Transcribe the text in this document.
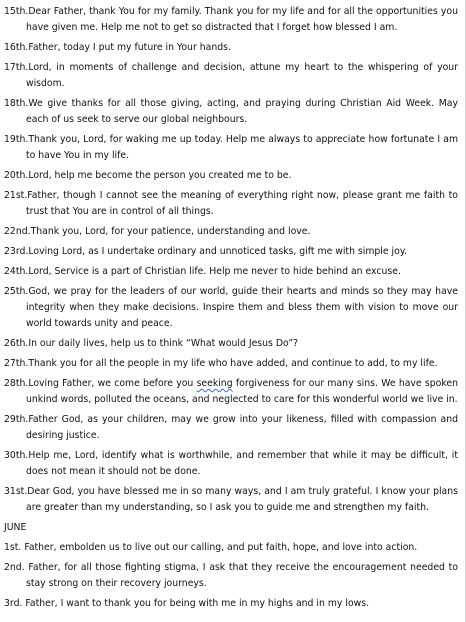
15th.Dear Father, thank You for my family. Thank you for my life and for all the opportunities you have given me. Help me not to get so distracted that I forget how blessed I am.

16th.Father, today I put my future in Your hands.

17th.Lord, in moments of challenge and decision, attune my heart to the whispering of your wisdom.

18th.We give thanks for all those giving, acting, and praying during Christian Aid Week. May each of us seek to serve our global neighbours.

19th.Thank you, Lord, for waking me up today. Help me always to appreciate how fortunate I am to have You in my life.

20th.Lord, help me become the person you created me to be.

21st.Father, though I cannot see the meaning of everything right now, please grant me faith to trust that You are in control of all things.

22nd.Thank you, Lord, for your patience, understanding and love.

23rd.Loving Lord, as I undertake ordinary and unnoticed tasks, gift me with simple joy.

24th.Lord, Service is a part of Christian life. Help me never to hide behind an excuse.

25th.God, we pray for the leaders of our world, guide their hearts and minds so they may have integrity when they make decisions. Inspire them and bless them with vision to move our world towards unity and peace.

26th.In our daily lives, help us to think “What would Jesus Do”?

27th.Thank you for all the people in my life who have added, and continue to add, to my life.

28th.Loving Father, we come before you seeking forgiveness for our many sins. We have spoken unkind words, polluted the oceans, and neglected to care for this wonderful world we live in.

29th.Father God, as your children, may we grow into your likeness, filled with compassion and desiring justice.

30th.Help me, Lord, identify what is worthwhile, and remember that while it may be difficult, it does not mean it should not be done.

31st.Dear God, you have blessed me in so many ways, and I am truly grateful. I know your plans are greater than my understanding, so I ask you to guide me and strengthen my faith.

JUNE

1st. Father, embolden us to live out our calling, and put faith, hope, and love into action.

2nd. Father, for all those fighting stigma, I ask that they receive the encouragement needed to stay strong on their recovery journeys.

3rd. Father, I want to thank you for being with me in my highs and in my lows.
